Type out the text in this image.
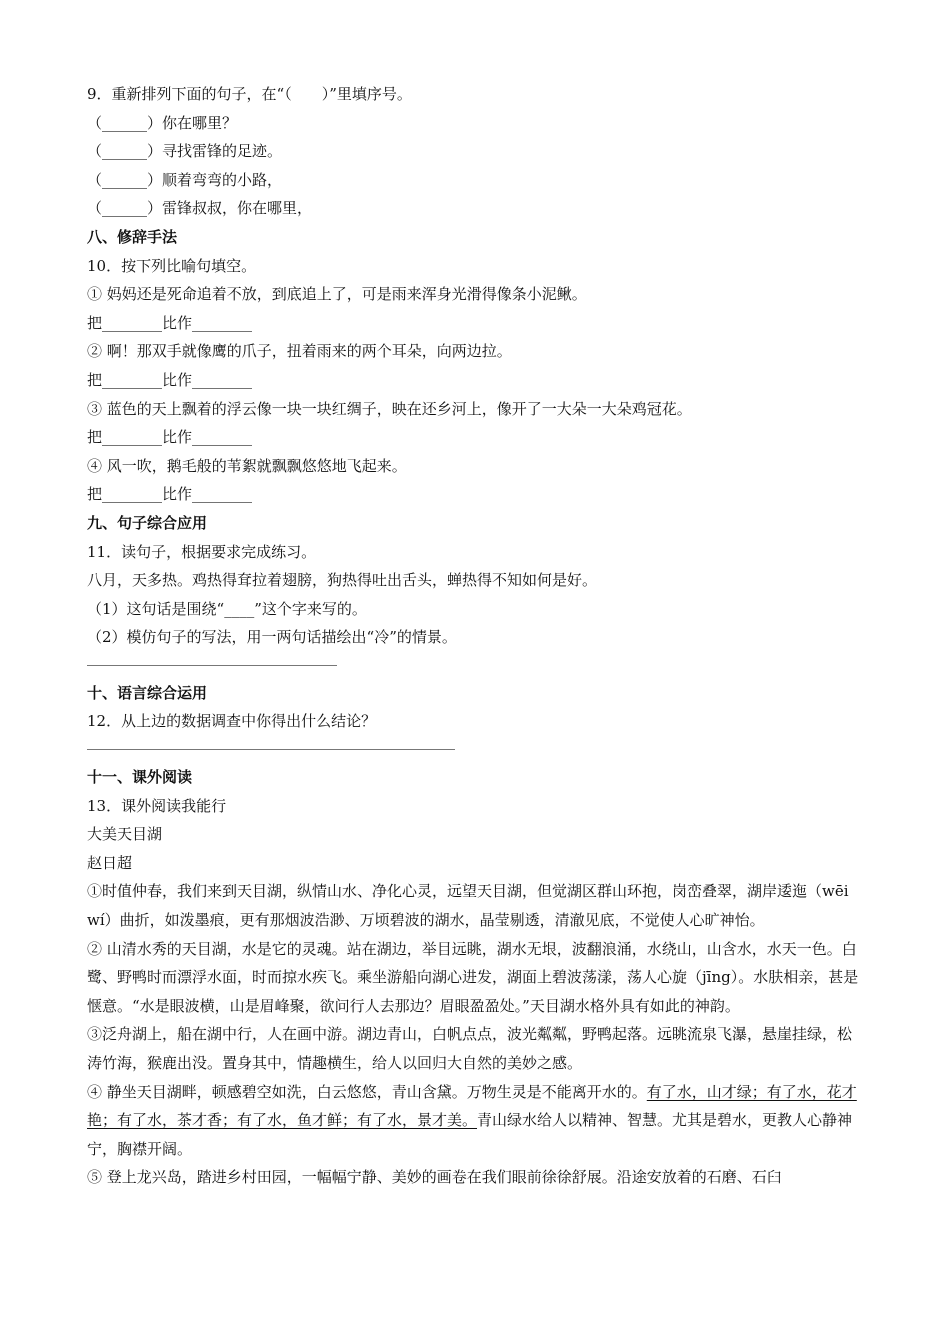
9．重新排列下面的句子，在“（　　）”里填序号。
（______）你在哪里？
（______）寻找雷锋的足迹。
（______）顺着弯弯的小路，
（______）雷锋叔叔，你在哪里，
八、修辞手法
10．按下列比喻句填空。
① 妈妈还是死命追着不放，到底追上了，可是雨来浑身光滑得像条小泥鳅。
把________比作________
② 啊！那双手就像鹰的爪子，扭着雨来的两个耳朵，向两边拉。
把________比作________
③ 蓝色的天上飘着的浮云像一块一块红绸子，映在还乡河上，像开了一大朵一大朵鸡冠花。
把________比作________
④ 风一吹，鹅毛般的苇絮就飘飘悠悠地飞起来。
把________比作________
九、句子综合应用
11．读句子，根据要求完成练习。
八月，天多热。鸡热得耷拉着翅膀，狗热得吐出舌头，蝉热得不知如何是好。
（1）这句话是围绕“____”这个字来写的。
（2）模仿句子的写法，用一两句话描绘出“冷”的情景。
十、语言综合运用
12．从上边的数据调查中你得出什么结论？
十一、课外阅读
13．课外阅读我能行
大美天目湖
赵日超
①时值仲春，我们来到天目湖，纵情山水、净化心灵，远望天目湖，但觉湖区群山环抱，岗峦叠翠，湖岸逶迤（wēi　wí）曲折，如泼墨痕，更有那烟波浩渺、万顷碧波的湖水，晶莹剔透，清澈见底，不觉使人心旷神怡。
② 山清水秀的天目湖，水是它的灵魂。站在湖边，举目远眺，湖水无垠，波翻浪涌，水绕山，山含水，水天一色。白鹭、野鸭时而漂浮水面，时而掠水疾飞。乘坐游船向湖心进发，湖面上碧波荡漾，荡人心旋（jīng）。水肤相亲，甚是惬意。“水是眼波横，山是眉峰聚，欲问行人去那边？眉眼盈盈处。”天目湖水格外具有如此的神韵。
③泛舟湖上，船在湖中行，人在画中游。湖边青山，白帆点点，波光粼粼，野鸭起落。远眺流泉飞瀑，悬崖挂绿，松涛竹海，猴鹿出没。置身其中，情趣横生，给人以回归大自然的美妙之感。
④ 静坐天目湖畔，顿感碧空如洗，白云悠悠，青山含黛。万物生灵是不能离开水的。有了水，山才绿；有了水，花才艳；有了水，茶才香；有了水，鱼才鲜；有了水，景才美。青山绿水给人以精神、智慧。尤其是碧水，更教人心静神宁，胸襟开阔。
⑤ 登上龙兴岛，踏进乡村田园，一幅幅宁静、美妙的画卷在我们眼前徐徐舒展。沿途安放着的石磨、石臼
